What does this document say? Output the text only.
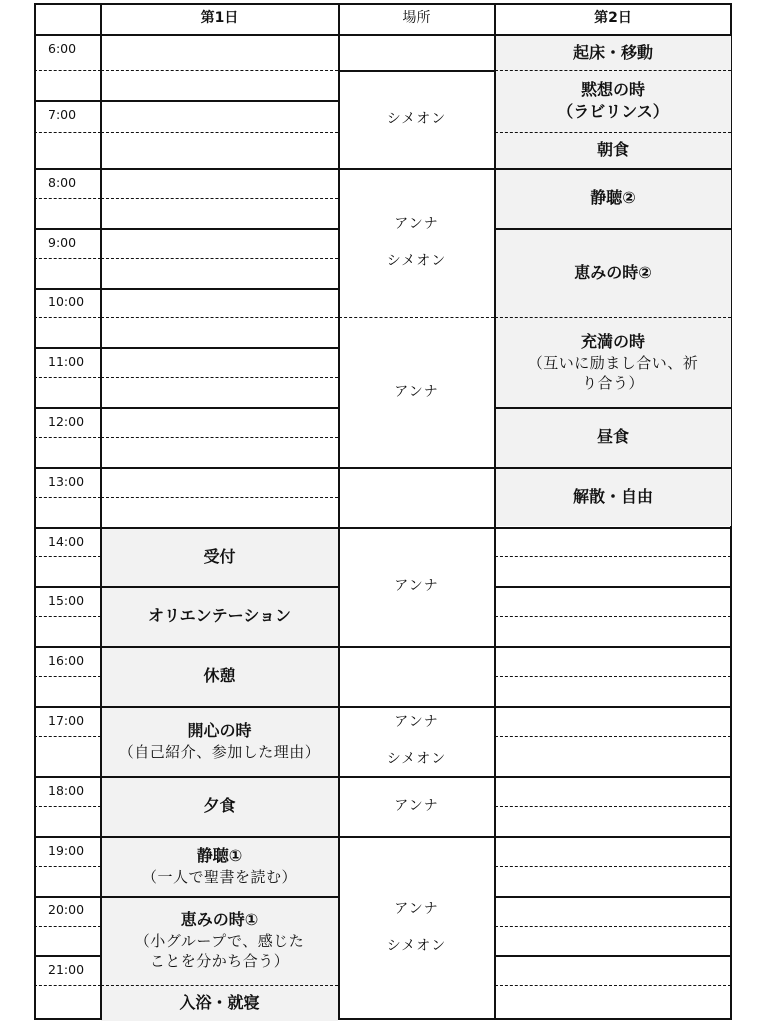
第1日	場所	第2日
6:00
7:00
8:00
9:00
10:00
11:00
12:00
13:00
14:00
15:00
16:00
17:00
18:00
19:00
20:00
21:00
受付
オリエンテーション
休憩
開心の時
（自己紹介、参加した理由）
夕食
静聴①
（一人で聖書を読む）
恵みの時①
（小グループで、感じた
ことを分かち合う）
入浴・就寝
シメオン
アンナ
シメオン
アンナ
アンナ
アンナ
シメオン
アンナ
アンナ
シメオン
起床・移動
黙想の時
（ラビリンス）
朝食
静聴②
恵みの時②
充満の時
（互いに励まし合い、祈
り合う）
昼食
解散・自由
